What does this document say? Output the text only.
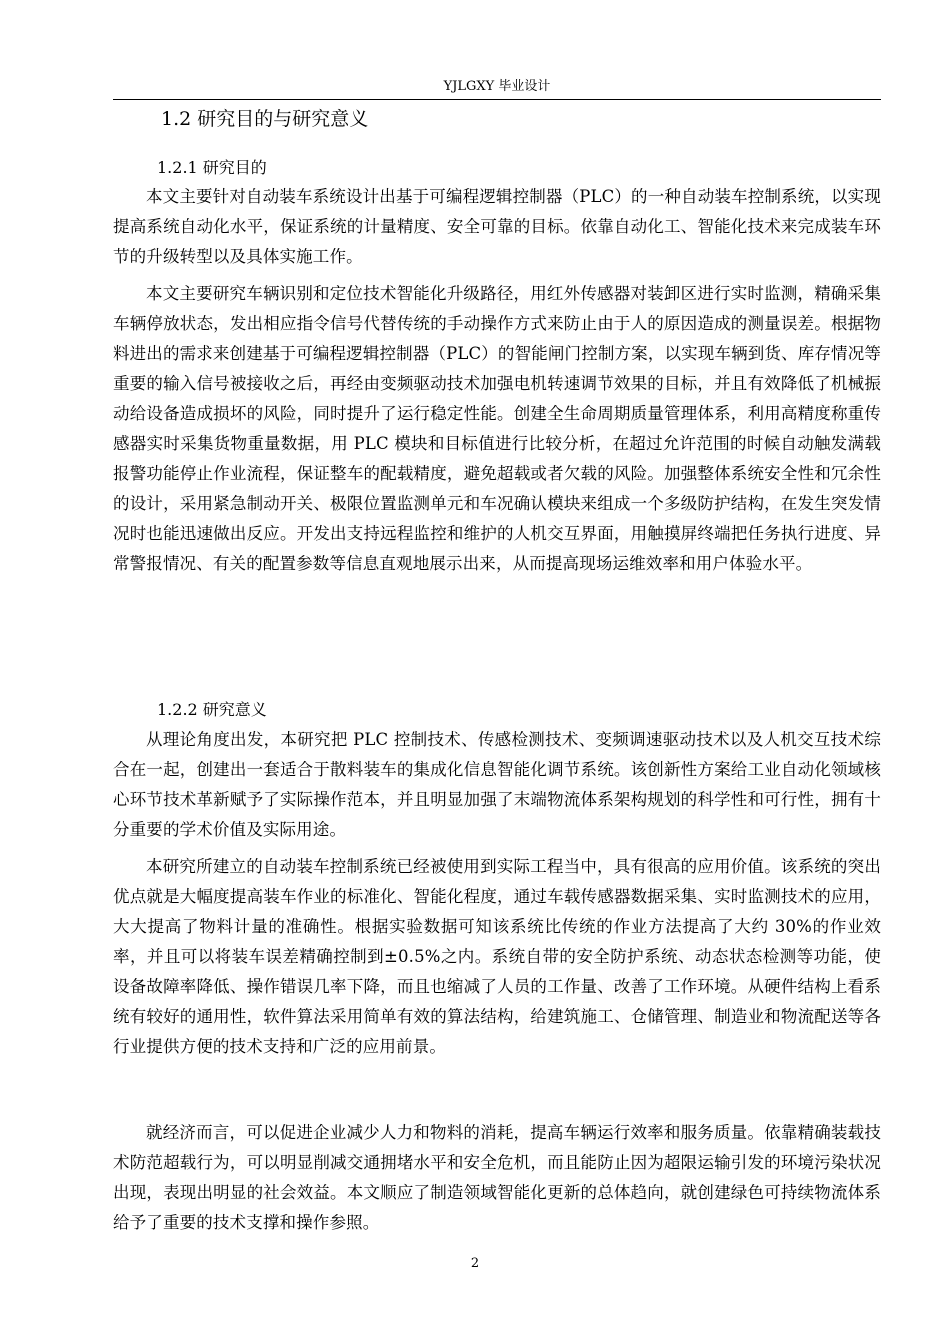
YJLGXY 毕业设计
1.2 研究目的与研究意义
1.2.1 研究目的

本文主要针对自动装车系统设计出基于可编程逻辑控制器（PLC）的一种自动装车控制系统，以实现提高系统自动化水平，保证系统的计量精度、安全可靠的目标。依靠自动化工、智能化技术来完成装车环节的升级转型以及具体实施工作。

本文主要研究车辆识别和定位技术智能化升级路径，用红外传感器对装卸区进行实时监测，精确采集车辆停放状态，发出相应指令信号代替传统的手动操作方式来防止由于人的原因造成的测量误差。根据物料进出的需求来创建基于可编程逻辑控制器（PLC）的智能闸门控制方案，以实现车辆到货、库存情况等重要的输入信号被接收之后，再经由变频驱动技术加强电机转速调节效果的目标，并且有效降低了机械振动给设备造成损坏的风险，同时提升了运行稳定性能。创建全生命周期质量管理体系，利用高精度称重传感器实时采集货物重量数据，用 PLC 模块和目标值进行比较分析，在超过允许范围的时候自动触发满载报警功能停止作业流程，保证整车的配载精度，避免超载或者欠载的风险。加强整体系统安全性和冗余性的设计，采用紧急制动开关、极限位置监测单元和车况确认模块来组成一个多级防护结构，在发生突发情况时也能迅速做出反应。开发出支持远程监控和维护的人机交互界面，用触摸屏终端把任务执行进度、异常警报情况、有关的配置参数等信息直观地展示出来，从而提高现场运维效率和用户体验水平。

1.2.2 研究意义

从理论角度出发，本研究把 PLC 控制技术、传感检测技术、变频调速驱动技术以及人机交互技术综合在一起，创建出一套适合于散料装车的集成化信息智能化调节系统。该创新性方案给工业自动化领域核心环节技术革新赋予了实际操作范本，并且明显加强了末端物流体系架构规划的科学性和可行性，拥有十分重要的学术价值及实际用途。

本研究所建立的自动装车控制系统已经被使用到实际工程当中，具有很高的应用价值。该系统的突出优点就是大幅度提高装车作业的标准化、智能化程度，通过车载传感器数据采集、实时监测技术的应用，大大提高了物料计量的准确性。根据实验数据可知该系统比传统的作业方法提高了大约 30%的作业效率，并且可以将装车误差精确控制到±0.5%之内。系统自带的安全防护系统、动态状态检测等功能，使设备故障率降低、操作错误几率下降，而且也缩减了人员的工作量、改善了工作环境。从硬件结构上看系统有较好的通用性，软件算法采用简单有效的算法结构，给建筑施工、仓储管理、制造业和物流配送等各行业提供方便的技术支持和广泛的应用前景。

就经济而言，可以促进企业减少人力和物料的消耗，提高车辆运行效率和服务质量。依靠精确装载技术防范超载行为，可以明显削减交通拥堵水平和安全危机，而且能防止因为超限运输引发的环境污染状况出现，表现出明显的社会效益。本文顺应了制造领域智能化更新的总体趋向，就创建绿色可持续物流体系给予了重要的技术支撑和操作参照。

2
